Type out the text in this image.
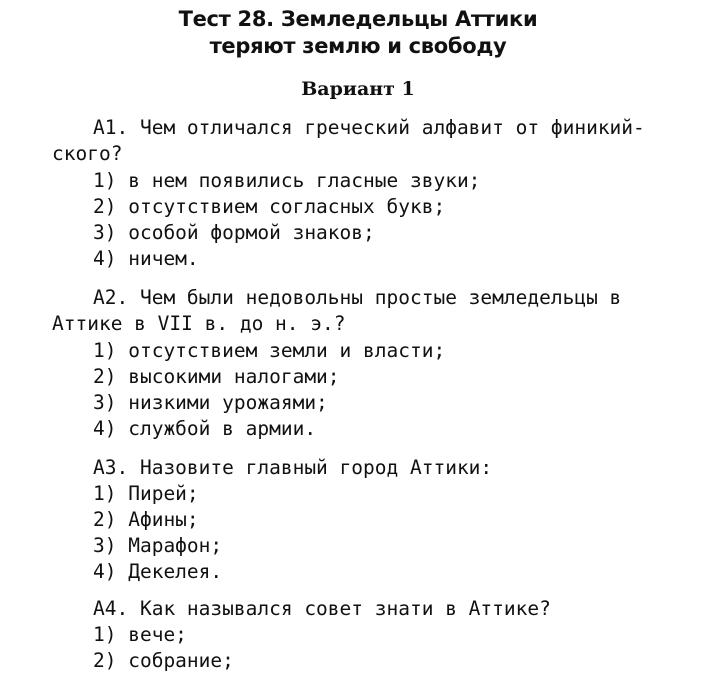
Тест 28. Земледельцы Аттики
теряют землю и свободу
Вариант 1
А1. Чем отличался греческий алфавит от финикий-
ского?
1) в нем появились гласные звуки;
2) отсутствием согласных букв;
3) особой формой знаков;
4) ничем.
А2. Чем были недовольны простые земледельцы в
Аттике в VII в. до н. э.?
1) отсутствием земли и власти;
2) высокими налогами;
3) низкими урожаями;
4) службой в армии.
А3. Назовите главный город Аттики:
1) Пирей;
2) Афины;
3) Марафон;
4) Декелея.
А4. Как назывался совет знати в Аттике?
1) вече;
2) собрание;
